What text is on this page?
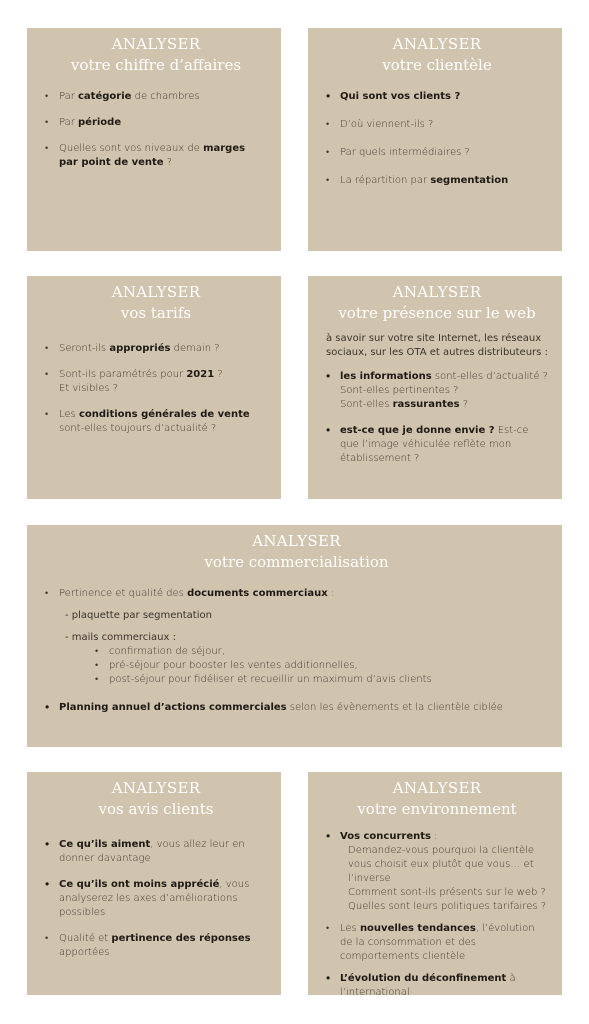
ANALYSER
votre chiffre d’affaires
• Par catégorie de chambres
• Par période
• Quelles sont vos niveaux de marges par point de vente ?
ANALYSER
votre clientèle
• Qui sont vos clients ?
• D’où viennent-ils ?
• Par quels intermédiaires ?
• La répartition par segmentation
ANALYSER
vos tarifs
• Seront-ils appropriés demain ?
• Sont-ils paramétrés pour 2021 ?
Et visibles ?
• Les conditions générales de vente sont-elles toujours d’actualité ?
ANALYSER
votre présence sur le web

à savoir sur votre site Internet, les réseaux sociaux, sur les OTA et autres distributeurs :

• les informations sont-elles d’actualité ?
Sont-elles pertinentes ?
Sont-elles rassurantes ?
• est-ce que je donne envie ? Est-ce que l’image véhiculée reflète mon établissement ?
ANALYSER
votre commercialisation
• Pertinence et qualité des documents commerciaux :

- plaquette par segmentation

- mails commerciaux :

• confirmation de séjour,
• pré-séjour pour booster les ventes additionnelles,
• post-séjour pour fidéliser et recueillir un maximum d’avis clients
• Planning annuel d’actions commerciales selon les évènements et la clientèle ciblée
ANALYSER
vos avis clients
• Ce qu’ils aiment, vous allez leur en donner davantage
• Ce qu’ils ont moins apprécié, vous analyserez les axes d’améliorations possibles
• Qualité et pertinence des réponses apportées
ANALYSER
votre environnement
• Vos concurrents :
Demandez-vous pourquoi la clientèle vous choisit eux plutôt que vous… et l’inverse
Comment sont-ils présents sur le web ?
Quelles sont leurs politiques tarifaires ?
• Les nouvelles tendances, l’évolution de la consommation et des comportements clientèle
• L’évolution du déconfinement à l’international
